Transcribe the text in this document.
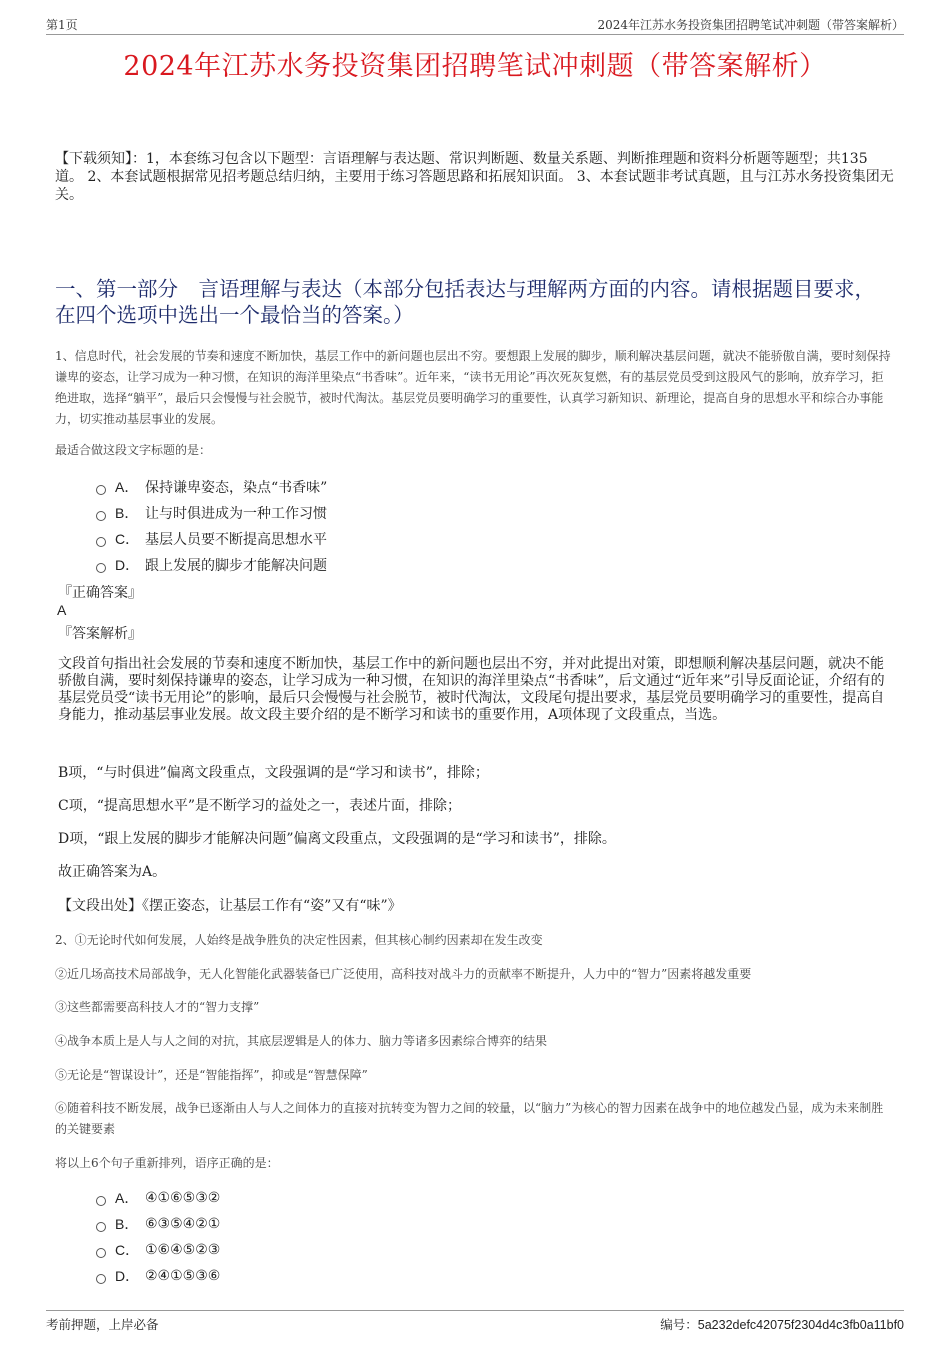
第1页	2024年江苏水务投资集团招聘笔试冲刺题（带答案解析）
2024年江苏水务投资集团招聘笔试冲刺题（带答案解析）
【下载须知】：1，本套练习包含以下题型：言语理解与表达题、常识判断题、数量关系题、判断推理题和资料分析题等题型；共135道。 2、本套试题根据常见招考题总结归纳，主要用于练习答题思路和拓展知识面。 3、本套试题非考试真题，且与江苏水务投资集团无关。
一、第一部分　言语理解与表达（本部分包括表达与理解两方面的内容。请根据题目要求，在四个选项中选出一个最恰当的答案。）
1、信息时代，社会发展的节奏和速度不断加快，基层工作中的新问题也层出不穷。要想跟上发展的脚步，顺利解决基层问题，就决不能骄傲自满，要时刻保持谦卑的姿态，让学习成为一种习惯，在知识的海洋里染点“书香味”。近年来，“读书无用论”再次死灰复燃，有的基层党员受到这股风气的影响，放弃学习，拒绝进取，选择“躺平”，最后只会慢慢与社会脱节，被时代淘汰。基层党员要明确学习的重要性，认真学习新知识、新理论，提高自身的思想水平和综合办事能力，切实推动基层事业的发展。
最适合做这段文字标题的是：
A． 保持谦卑姿态，染点“书香味”
B． 让与时俱进成为一种工作习惯
C． 基层人员要不断提高思想水平
D． 跟上发展的脚步才能解决问题
『正确答案』
A
『答案解析』
文段首句指出社会发展的节奏和速度不断加快，基层工作中的新问题也层出不穷，并对此提出对策，即想顺利解决基层问题，就决不能骄傲自满，要时刻保持谦卑的姿态，让学习成为一种习惯，在知识的海洋里染点“书香味”，后文通过“近年来”引导反面论证，介绍有的基层党员受“读书无用论”的影响，最后只会慢慢与社会脱节，被时代淘汰，文段尾句提出要求，基层党员要明确学习的重要性，提高自身能力，推动基层事业发展。故文段主要介绍的是不断学习和读书的重要作用，A项体现了文段重点，当选。
B项，“与时俱进”偏离文段重点，文段强调的是“学习和读书”，排除；
C项，“提高思想水平”是不断学习的益处之一，表述片面，排除；
D项，“跟上发展的脚步才能解决问题”偏离文段重点，文段强调的是“学习和读书”，排除。
故正确答案为A。
【文段出处】《摆正姿态，让基层工作有“姿”又有“味”》
2、①无论时代如何发展，人始终是战争胜负的决定性因素，但其核心制约因素却在发生改变
②近几场高技术局部战争，无人化智能化武器装备已广泛使用，高科技对战斗力的贡献率不断提升，人力中的“智力”因素将越发重要
③这些都需要高科技人才的“智力支撑”
④战争本质上是人与人之间的对抗，其底层逻辑是人的体力、脑力等诸多因素综合博弈的结果
⑤无论是“智谋设计”，还是“智能指挥”，抑或是“智慧保障”
⑥随着科技不断发展，战争已逐渐由人与人之间体力的直接对抗转变为智力之间的较量，以“脑力”为核心的智力因素在战争中的地位越发凸显，成为未来制胜的关键要素
将以上6个句子重新排列，语序正确的是：
A． ④①⑥⑤③②
B． ⑥③⑤④②①
C． ①⑥④⑤②③
D． ②④①⑤③⑥
考前押题，上岸必备	编号：5a232defc42075f2304d4c3fb0a11bf0
